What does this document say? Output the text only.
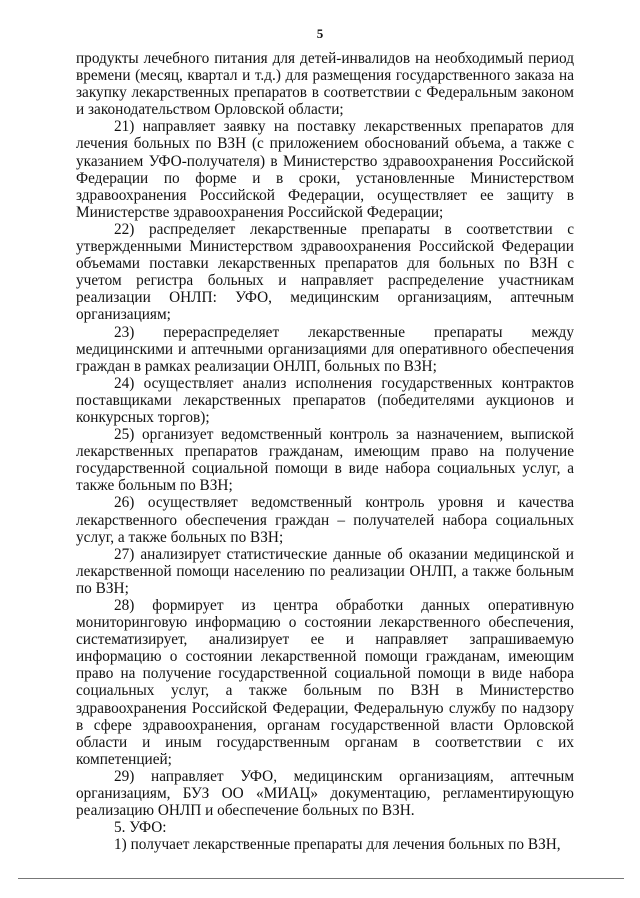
5

продукты лечебного питания для детей-инвалидов на необходимый период времени (месяц, квартал и т.д.) для размещения государственного заказа на закупку лекарственных препаратов в соответствии с Федеральным законом и законодательством Орловской области;

21) направляет заявку на поставку лекарственных препаратов для лечения больных по ВЗН (с приложением обоснований объема, а также с указанием УФО-получателя) в Министерство здравоохранения Российской Федерации по форме и в сроки, установленные Министерством здравоохранения Российской Федерации, осуществляет ее защиту в Министерстве здравоохранения Российской Федерации;

22) распределяет лекарственные препараты в соответствии с утвержденными Министерством здравоохранения Российской Федерации объемами поставки лекарственных препаратов для больных по ВЗН с учетом регистра больных и направляет распределение участникам реализации ОНЛП: УФО, медицинским организациям, аптечным организациям;

23) перераспределяет лекарственные препараты между медицинскими и аптечными организациями для оперативного обеспечения граждан в рамках реализации ОНЛП, больных по ВЗН;

24) осуществляет анализ исполнения государственных контрактов поставщиками лекарственных препаратов (победителями аукционов и конкурсных торгов);

25) организует ведомственный контроль за назначением, выпиской лекарственных препаратов гражданам, имеющим право на получение государственной социальной помощи в виде набора социальных услуг, а также больным по ВЗН;

26) осуществляет ведомственный контроль уровня и качества лекарственного обеспечения граждан – получателей набора социальных услуг, а также больных по ВЗН;

27) анализирует статистические данные об оказании медицинской и лекарственной помощи населению по реализации ОНЛП, а также больным по ВЗН;

28) формирует из центра обработки данных оперативную мониторинговую информацию о состоянии лекарственного обеспечения, систематизирует, анализирует ее и направляет запрашиваемую информацию о состоянии лекарственной помощи гражданам, имеющим право на получение государственной социальной помощи в виде набора социальных услуг, а также больным по ВЗН в Министерство здравоохранения Российской Федерации, Федеральную службу по надзору в сфере здравоохранения, органам государственной власти Орловской области и иным государственным органам в соответствии с их компетенцией;

29) направляет УФО, медицинским организациям, аптечным организациям, БУЗ ОО «МИАЦ» документацию, регламентирующую реализацию ОНЛП и обеспечение больных по ВЗН.

5. УФО:

1) получает лекарственные препараты для лечения больных по ВЗН,
